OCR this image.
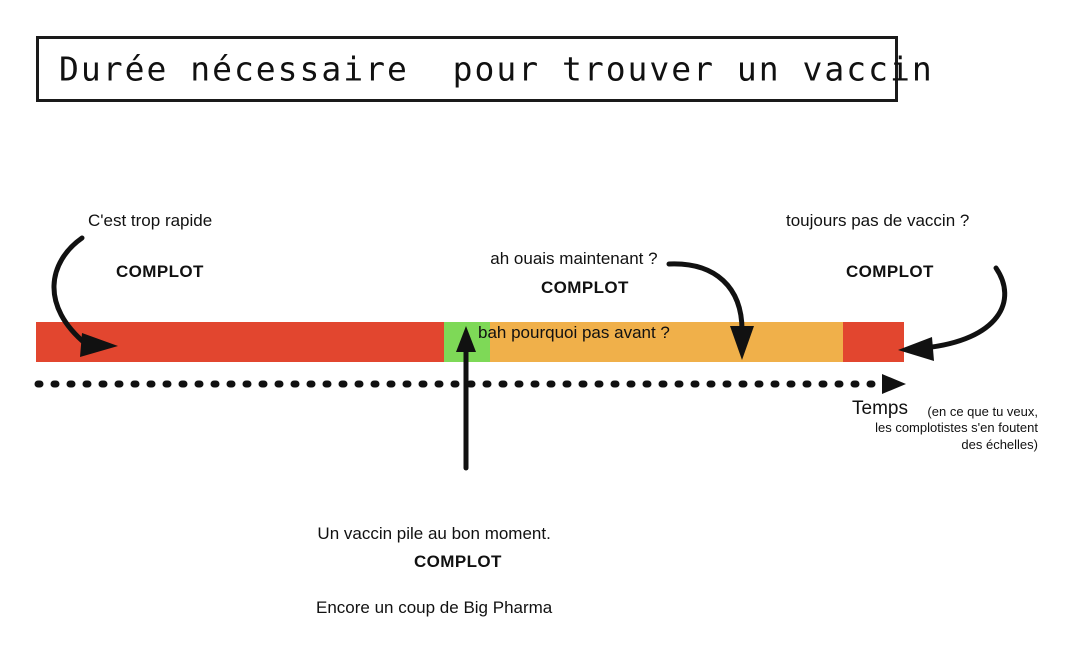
Durée nécessaire  pour trouver un vaccin
C'est trop rapide
COMPLOT

ah ouais maintenant ?

bah pourquoi pas avant ?

COMPLOT
toujours pas de vaccin ?
COMPLOT

Un vaccin pile au bon moment.

Encore un coup de Big Pharma

COMPLOT
Temps	(en ce que tu veux,
les complotistes s'en foutent
des échelles)
